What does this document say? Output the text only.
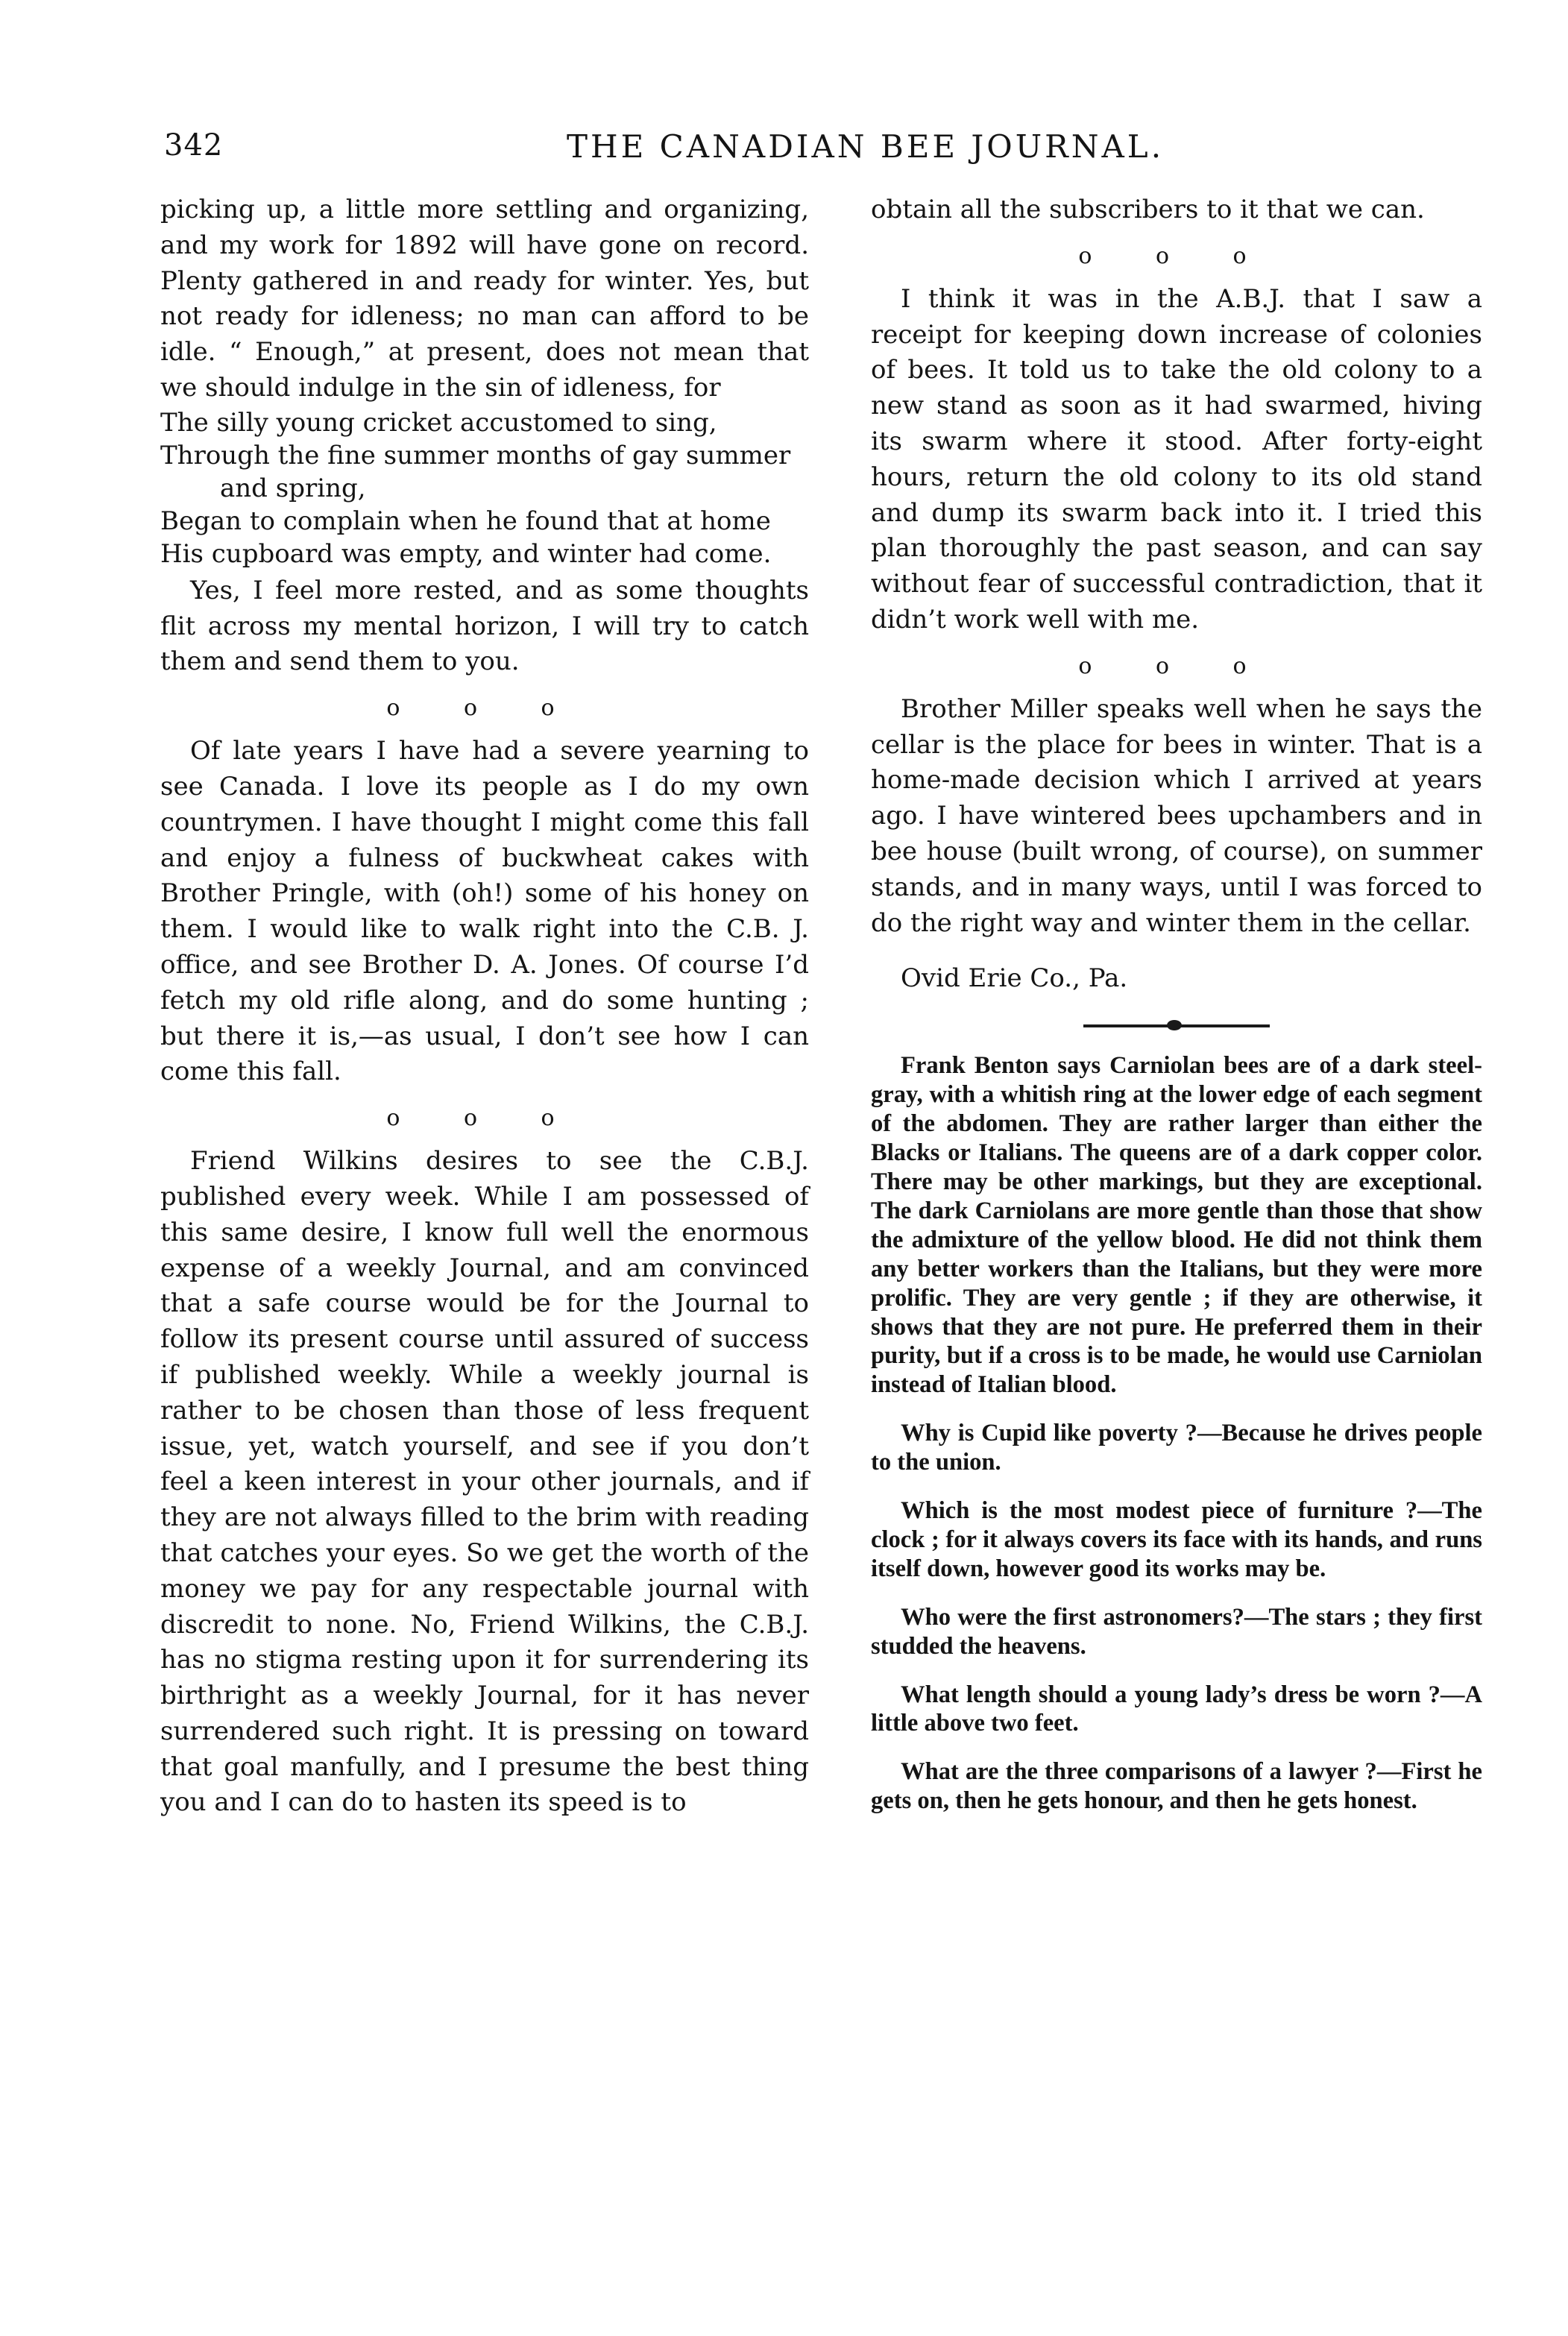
342	THE CANADIAN BEE JOURNAL.

picking up, a little more settling and organizing, and my work for 1892 will have gone on record. Plenty gathered in and ready for winter. Yes, but not ready for idleness; no man can afford to be idle. “ Enough,” at present, does not mean that we should indulge in the sin of idleness, for

The silly young cricket accustomed to sing,

Through the fine summer months of gay summer and spring,

Began to complain when he found that at home

His cupboard was empty, and winter had come.

Yes, I feel more rested, and as some thoughts flit across my mental horizon, I will try to catch them and send them to you.

o o o

Of late years I have had a severe yearning to see Canada. I love its people as I do my own countrymen. I have thought I might come this fall and enjoy a fulness of buckwheat cakes with Brother Pringle, with (oh!) some of his honey on them. I would like to walk right into the C.B. J. office, and see Brother D. A. Jones. Of course I’d fetch my old rifle along, and do some hunting ; but there it is,—as usual, I don’t see how I can come this fall.

o o o

Friend Wilkins desires to see the C.B.J. published every week. While I am possessed of this same desire, I know full well the enormous expense of a weekly Journal, and am convinced that a safe course would be for the Journal to follow its present course until assured of success if published weekly. While a weekly journal is rather to be chosen than those of less frequent issue, yet, watch yourself, and see if you don’t feel a keen interest in your other journals, and if they are not always filled to the brim with reading that catches your eyes. So we get the worth of the money we pay for any respectable journal with discredit to none. No, Friend Wilkins, the C.B.J. has no stigma resting upon it for surrendering its birthright as a weekly Journal, for it has never surrendered such right. It is pressing on toward that goal manfully, and I presume the best thing you and I can do to hasten its speed is to

obtain all the subscribers to it that we can.

o o o

I think it was in the A.B.J. that I saw a receipt for keeping down increase of colonies of bees. It told us to take the old colony to a new stand as soon as it had swarmed, hiving its swarm where it stood. After forty-eight hours, return the old colony to its old stand and dump its swarm back into it. I tried this plan thoroughly the past season, and can say without fear of successful contradiction, that it didn’t work well with me.

o o o

Brother Miller speaks well when he says the cellar is the place for bees in winter. That is a home-made decision which I arrived at years ago. I have wintered bees upchambers and in bee house (built wrong, of course), on summer stands, and in many ways, until I was forced to do the right way and winter them in the cellar.

Ovid Erie Co., Pa.

Frank Benton says Carniolan bees are of a dark steel-gray, with a whitish ring at the lower edge of each segment of the abdomen. They are rather larger than either the Blacks or Italians. The queens are of a dark copper color. There may be other markings, but they are exceptional. The dark Carniolans are more gentle than those that show the admixture of the yellow blood. He did not think them any better workers than the Italians, but they were more prolific. They are very gentle ; if they are otherwise, it shows that they are not pure. He preferred them in their purity, but if a cross is to be made, he would use Carniolan instead of Italian blood.

Why is Cupid like poverty ?—Because he drives people to the union.

Which is the most modest piece of furniture ?—The clock ; for it always covers its face with its hands, and runs itself down, however good its works may be.

Who were the first astronomers?—The stars ; they first studded the heavens.

What length should a young lady’s dress be worn ?—A little above two feet.

What are the three comparisons of a lawyer ?—First he gets on, then he gets honour, and then he gets honest.
